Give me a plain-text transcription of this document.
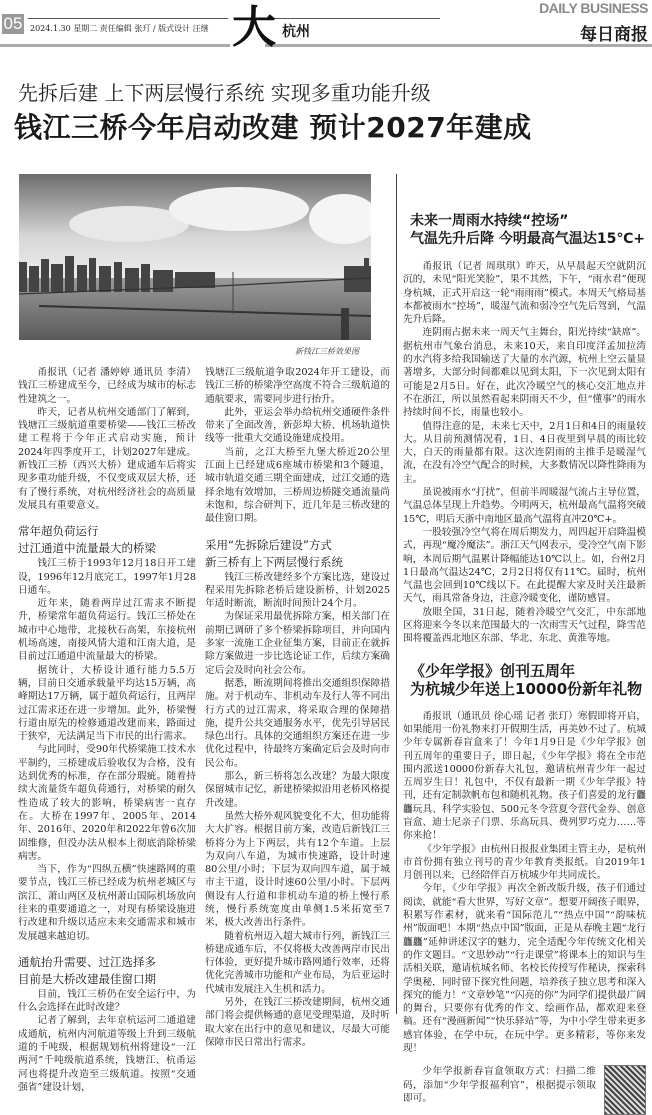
05 2024.1.30 星期二 责任编辑 张玎 / 版式设计 汪继 大 杭州
DAILY BUSINESS
每日商报
先拆后建 上下两层慢行系统 实现多重功能升级
钱江三桥今年启动改建 预计2027年建成
新钱江三桥效果图

甬报讯（记者 潘婷婷 通讯员 李清）钱江三桥建成至今，已经成为城市的标志性建筑之一。

昨天，记者从杭州交通部门了解到，钱塘江三级航道重要桥梁——钱江三桥改建工程将于今年正式启动实施，预计2024年四季度开工，计划2027年建成。新钱江三桥（西兴大桥）建成通车后将实现多重功能升级，不仅变成双层大桥，还有了慢行系统，对杭州经济社会的高质量发展具有重要意义。

常年超负荷运行
过江通道中流量最大的桥梁

钱江三桥于1993年12月18日开工建设，1996年12月底完工，1997年1月28日通车。

近年来，随着两岸过江需求不断提升，桥梁常年超负荷运行。钱江三桥处在城市中心地带，北接秋石高架，东接杭州机场高速，南接风情大道和江南大道，是目前过江通道中流量最大的桥梁。

据统计，大桥设计通行能力5.5万辆，目前日交通承载量平均达15万辆，高峰期达17万辆，属于超负荷运行，且两岸过江需求还在进一步增加。此外，桥梁慢行道由原先的检修通道改建而来，路面过于狭窄，无法满足当下市民的出行需求。

与此同时，受90年代桥梁施工技术水平制约，三桥建成后验收仅为合格，没有达到优秀的标准，存在部分瑕疵。随着持续大流量货车超负荷通行，对桥梁的耐久性造成了较大的影响，桥梁病害一直存在。大桥在1997年、2005年、2014年、2016年、2020年和2022年曾6次加固维修，但没办法从根本上彻底消除桥梁病害。

当下，作为“四纵五横”快速路网的重要节点，钱江三桥已经成为杭州老城区与滨江、萧山两区及杭州萧山国际机场放向往来的重要通道之一，对现有桥梁设施进行改建和升级以适应未来交通需求和城市发展越来越迫切。

通航抬升需要、过江选择多
目前是大桥改建最佳窗口期

目前，钱江三桥仍在安全运行中，为什么会选择在此时改建？

记者了解到，去年京杭运河二通道建成通航，杭州内河航道等级上升到三级航道的千吨级，根据规划杭州将建设“一江两河”千吨级航道系统，钱塘江、杭甬运河也将提升改造至三级航道。按照“交通强省”建设计划，

钱塘江三级航道争取2024年开工建设，而钱江三桥的桥梁净空高度不符合三级航道的通航要求，需要同步进行抬升。

此外，亚运会举办给杭州交通硬件条件带来了全面改善，新彭埠大桥、机场轨道快线等一批重大交通设施建成投用。

当前，之江大桥至九堡大桥近20公里江面上已经建成6座城市桥梁和3个隧道，城市轨道交通三期全面建成，过江交通的选择余地有效增加，三桥周边桥隧交通流量尚未饱和，综合研判下，近几年是三桥改建的最佳窗口期。

采用“先拆除后建设”方式
新三桥有上下两层慢行系统

钱江三桥改建经多个方案比选，建设过程采用先拆除老桥后建设新桥，计划2025年适时断流，断流时间预计24个月。

为保证采用最优拆除方案，相关部门在前期已调研了多个桥梁拆除项目，并向国内多家一流施工企业征集方案，目前正在就拆除方案做进一步比选论证工作，后续方案确定后会及时向社会公布。

据悉，断流期间将推出交通组织保障措施。对于机动车、非机动车及行人等不同出行方式的过江需求，将采取合理的保障措施，提升公共交通服务水平，优先引导居民绿色出行。具体的交通组织方案还在进一步优化过程中，待最终方案确定后会及时向市民公布。

那么，新三桥将怎么改建？为最大限度保留城市记忆，新建桥梁拟沿用老桥风格提升改建。

虽然大桥外观风貌变化不大，但功能将大大扩容。根据目前方案，改造后新钱江三桥将分为上下两层，共有12个车道。上层为双向八车道，为城市快速路，设计时速80公里/小时；下层为双向四车道，属于城市主干道，设计时速60公里/小时。下层两侧设有人行道和非机动车道的桥上慢行系统，慢行系统宽度由单侧1.5米拓宽至7米，极大改善出行条件。

随着杭州迈入超大城市行列，新钱江三桥建成通车后，不仅将极大改善两岸市民出行体验，更好提升城市路网通行效率，还将优化完善城市功能和产业布局，为后亚运时代城市发展注入生机和活力。

另外，在钱江三桥改建期间，杭州交通部门将会提供畅通的意见受理渠道，及时听取大家在出行中的意见和建议，尽最大可能保障市民日常出行需求。

未来一周雨水持续“控场”
气温先升后降 今明最高气温达15℃+

甬报讯（记者 周琪琪）昨天，从早晨起天空就阴沉沉的，未见“阳光笑脸”，果不其然，下午，“雨水君”便现身杭城，正式开启这一轮“雨雨雨”模式。本周天气格局基本都被雨水“控场”，暖湿气流和弱冷空气先后驾到，气温先升后降。

连阴雨占据未来一周天气主舞台，阳光持续“缺席”。据杭州市气象台消息，未来10天，来自印度洋孟加拉湾的水汽将多给我国输送了大量的水汽源，杭州上空云量显著增多，大部分时间都难以见到太阳，下一次见到太阳有可能是2月5日。好在，此次冷暖空气的核心交汇地点并不在浙江，所以虽然看起来阴雨天不少，但“懂事”的雨水持续时间不长，雨量也较小。

值得注意的是，未来七天中，2月1日和4日的雨量较大。从目前预测情况看，1日、4日夜里到早晨的雨比较大，白天的雨量都有限。这次连阴雨的主推手是暖湿气流，在没有冷空气配合的时候，大多数情况以降性降雨为主。

虽说被雨水“打扰”，但前半周暖湿气流占主导位置，气温总体呈现上升趋势。今明两天，杭州最高气温将突破15℃，明后天浙中南地区最高气温将直冲20℃+。

一股较强冷空气将在周后期发力，周四起开启降温模式，再现“魔冷魔法”。浙江天气网表示，受冷空气南下影响，本周后期气温累计降幅能达10℃以上。如，台州2月1日最高气温达24℃，2月2日将仅有11℃。届时，杭州气温也会回到10℃线以下。在此提醒大家及时关注最新天气，雨具常备身边，注意冷暖变化，谨防感冒。

放眼全国，31日起，随着冷暖空气交汇，中东部地区将迎来今冬以来范围最大的一次雨雪天气过程，降雪范围将覆盖西北地区东部、华北、东北、黄淮等地。

《少年学报》创刊五周年
为杭城少年送上10000份新年礼物

甬报讯（通讯员 徐心瑶 记者 张玎）寒假即将开启，如果能用一份礼物来打开假期生活，再美妙不过了。杭城少年专属新春盲盒来了！今年1月9日是《少年学报》创刊五周年的重要日子，即日起，《少年学报》将在全市范围内派送10000份新春大礼包，邀请杭州青少年一起过五周岁生日！礼包中，不仅有最新一期《少年学报》特刊，还有定制款帆布包和随机礼物。孩子们喜爱的龙行龘龘玩具、科学实验包、500元冬令营夏令营代金券、创意盲盒、迪士尼亲子门票、乐高玩具、费列罗巧克力……等你来抢！

《少年学报》由杭州日报报业集团主管主办，是杭州市首份拥有独立刊号的青少年教育类报纸。自2019年1月创刊以来，已经陪伴百万杭城少年共同成长。

今年，《少年学报》再次全新改版升级，孩子们通过阅读，就能“看大世界，写好文章”。想要开阔孩子眼界，积累写作素材，就来看“国际范儿”“热点中国”“韵味杭州”版面吧！本期“热点中国”版面，正是从春晚主题“龙行龘龘”延伸讲述汉字的魅力，完全适配今年传统文化相关的作文题目。“文思妙动”“行走课堂”将课本上的知识与生活相关联，邀请杭城名师、名校长传授写作秘诀，探索科学奥秘，同时留下探究性问题，培养孩子独立思考和深入探究的能力！“文章妙笔”“闪亮的你”为同学们提供最广阔的舞台，只要你有优秀的作文、绘画作品，都欢迎来登稿。还有“漫画新闻”“快乐驿站”等，为中小学生带来更多感官体验，在学中玩，在玩中学。更多精彩，等你来发现！

少年学报新春盲盒领取方式：扫描二维码，添加“少年学报福利官”，根据提示领取即可。
